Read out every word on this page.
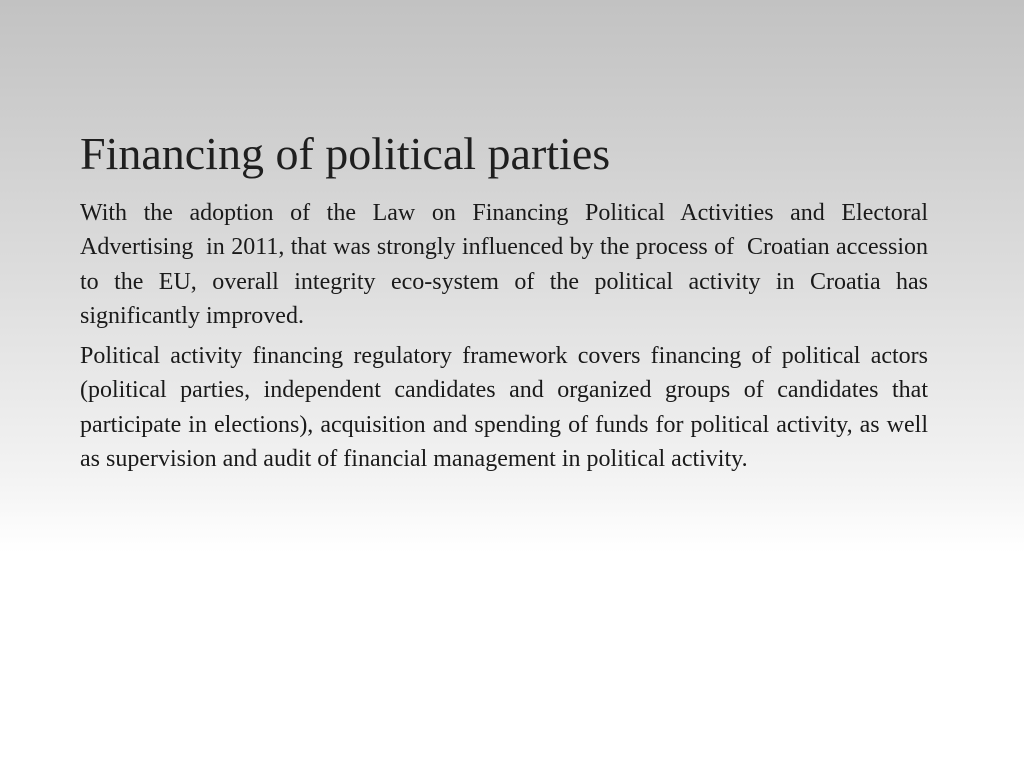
Financing of political parties

With the adoption of the Law on Financing Political Activities and Electoral Advertising  in 2011, that was strongly influenced by the process of  Croatian accession to the EU, overall integrity eco-system of the political activity in Croatia has significantly improved.

Political activity financing regulatory framework covers financing of political actors (political parties, independent candidates and organized groups of candidates that participate in elections), acquisition and spending of funds for political activity, as well as supervision and audit of financial management in political activity.
